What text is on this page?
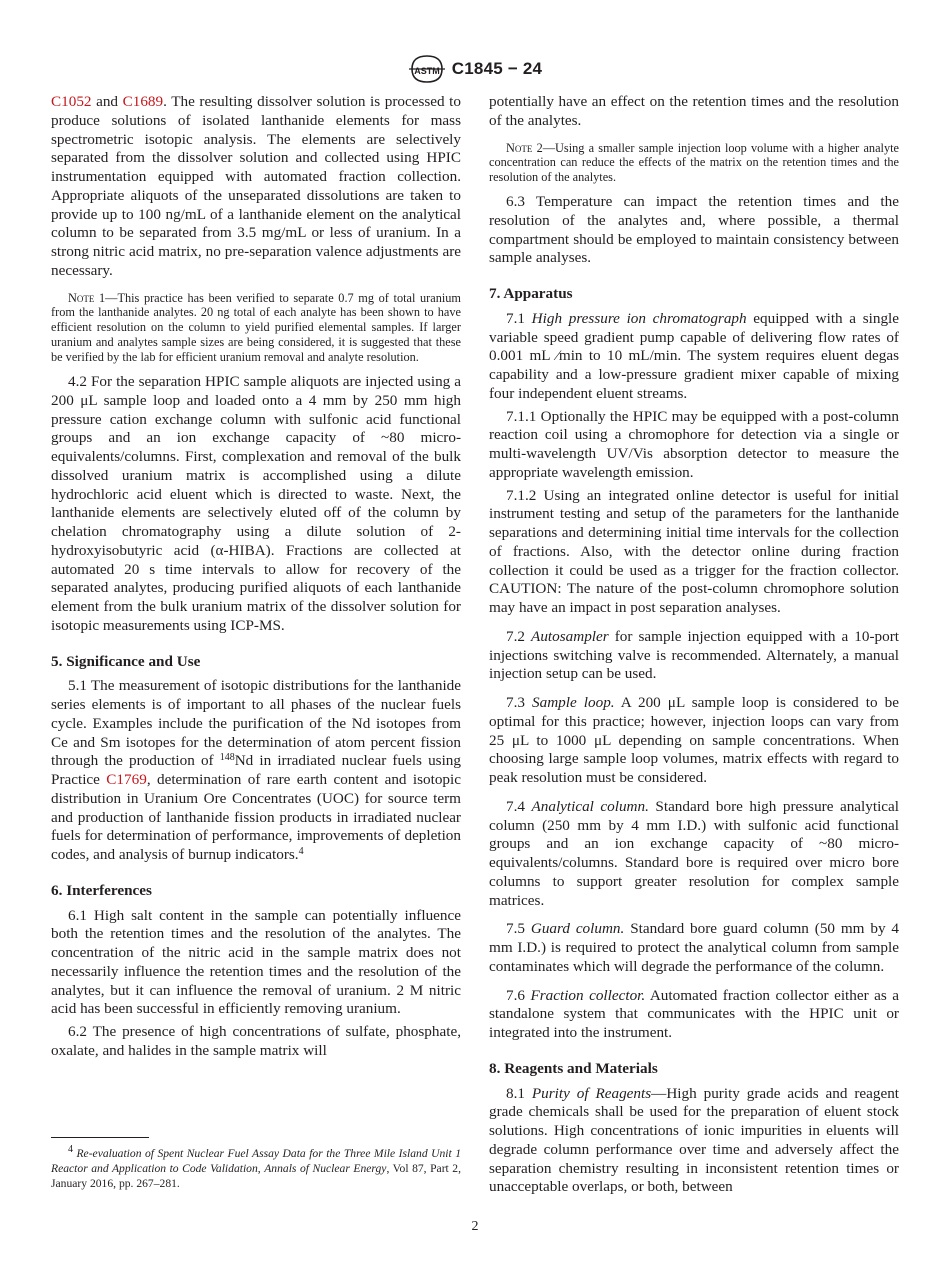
ASTM C1845 − 24

C1052 and C1689. The resulting dissolver solution is processed to produce solutions of isolated lanthanide elements for mass spectrometric isotopic analysis. The elements are selectively separated from the dissolver solution and collected using HPIC instrumentation equipped with automated fraction collection. Appropriate aliquots of the unseparated dissolutions are taken to provide up to 100 ng/mL of a lanthanide element on the analytical column to be separated from 3.5 mg/mL or less of uranium. In a strong nitric acid matrix, no pre-separation valence adjustments are necessary.

Note 1—This practice has been verified to separate 0.7 mg of total uranium from the lanthanide analytes. 20 ng total of each analyte has been shown to have efficient resolution on the column to yield purified elemental samples. If larger uranium and analytes sample sizes are being considered, it is suggested that these be verified by the lab for efficient uranium removal and analyte resolution.

4.2 For the separation HPIC sample aliquots are injected using a 200 μL sample loop and loaded onto a 4 mm by 250 mm high pressure cation exchange column with sulfonic acid functional groups and an ion exchange capacity of ~80 micro-equivalents/columns. First, complexation and removal of the bulk dissolved uranium matrix is accomplished using a dilute hydrochloric acid eluent which is directed to waste. Next, the lanthanide elements are selectively eluted off of the column by chelation chromatography using a dilute solution of 2-hydroxyisobutyric acid (α-HIBA). Fractions are collected at automated 20 s time intervals to allow for recovery of the separated analytes, producing purified aliquots of each lanthanide element from the bulk uranium matrix of the dissolver solution for isotopic measurements using ICP-MS.

5. Significance and Use

5.1 The measurement of isotopic distributions for the lanthanide series elements is of important to all phases of the nuclear fuels cycle. Examples include the purification of the Nd isotopes from Ce and Sm isotopes for the determination of atom percent fission through the production of $^{148}$Nd in irradiated nuclear fuels using Practice C1769, determination of rare earth content and isotopic distribution in Uranium Ore Concentrates (UOC) for source term and production of lanthanide fission products in irradiated nuclear fuels for determination of performance, improvements of depletion codes, and analysis of burnup indicators.$^4$

6. Interferences

6.1 High salt content in the sample can potentially influence both the retention times and the resolution of the analytes. The concentration of the nitric acid in the sample matrix does not necessarily influence the retention times and the resolution of the analytes, but it can influence the removal of uranium. 2 M nitric acid has been successful in efficiently removing uranium.

6.2 The presence of high concentrations of sulfate, phosphate, oxalate, and halides in the sample matrix will

$^4$ Re-evaluation of Spent Nuclear Fuel Assay Data for the Three Mile Island Unit 1 Reactor and Application to Code Validation, Annals of Nuclear Energy, Vol 87, Part 2, January 2016, pp. 267–281.

potentially have an effect on the retention times and the resolution of the analytes.

Note 2—Using a smaller sample injection loop volume with a higher analyte concentration can reduce the effects of the matrix on the retention times and the resolution of the analytes.

6.3 Temperature can impact the retention times and the resolution of the analytes and, where possible, a thermal compartment should be employed to maintain consistency between sample analyses.

7. Apparatus

7.1 High pressure ion chromatograph equipped with a single variable speed gradient pump capable of delivering flow rates of 0.001 mL ⁄min to 10 mL/min. The system requires eluent degas capability and a low-pressure gradient mixer capable of mixing four independent eluent streams.

7.1.1 Optionally the HPIC may be equipped with a post-column reaction coil using a chromophore for detection via a single or multi-wavelength UV/Vis absorption detector to measure the appropriate wavelength emission.

7.1.2 Using an integrated online detector is useful for initial instrument testing and setup of the parameters for the lanthanide separations and determining initial time intervals for the collection of fractions. Also, with the detector online during fraction collection it could be used as a trigger for the fraction collector. CAUTION: The nature of the post-column chromophore solution may have an impact in post separation analyses.

7.2 Autosampler for sample injection equipped with a 10-port injections switching valve is recommended. Alternately, a manual injection setup can be used.

7.3 Sample loop. A 200 μL sample loop is considered to be optimal for this practice; however, injection loops can vary from 25 μL to 1000 μL depending on sample concentrations. When choosing large sample loop volumes, matrix effects with regard to peak resolution must be considered.

7.4 Analytical column. Standard bore high pressure analytical column (250 mm by 4 mm I.D.) with sulfonic acid functional groups and an ion exchange capacity of ~80 micro-equivalents/columns. Standard bore is required over micro bore columns to support greater resolution for complex sample matrices.

7.5 Guard column. Standard bore guard column (50 mm by 4 mm I.D.) is required to protect the analytical column from sample contaminates which will degrade the performance of the column.

7.6 Fraction collector. Automated fraction collector either as a standalone system that communicates with the HPIC unit or integrated into the instrument.

8. Reagents and Materials

8.1 Purity of Reagents—High purity grade acids and reagent grade chemicals shall be used for the preparation of eluent stock solutions. High concentrations of ionic impurities in eluents will degrade column performance over time and adversely affect the separation chemistry resulting in inconsistent retention times or unacceptable overlaps, or both, between

2
